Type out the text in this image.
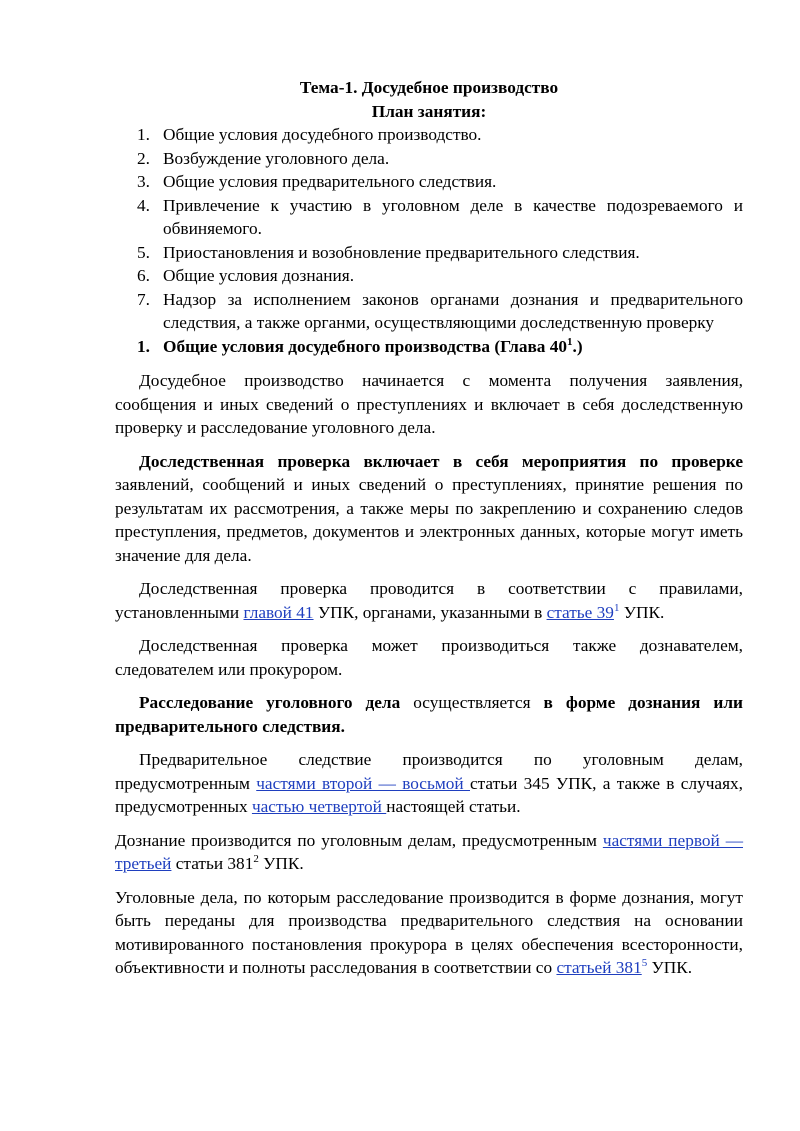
Тема-1. Досудебное производство

План занятия:

1. Общие условия досудебного производство.
2. Возбуждение уголовного дела.
3. Общие условия предварительного следствия.
4. Привлечение к участию в уголовном деле в качестве подозреваемого и обвиняемого.
5. Приостановления и возобновление предварительного следствия.
6. Общие условия дознания.
7. Надзор за исполнением законов органами дознания и предварительного следствия, а также органми, осуществляющими доследственную проверку

1. Общие условия досудебного производства (Глава $40^1$.)

Досудебное производство начинается с момента получения заявления, сообщения и иных сведений о преступлениях и включает в себя доследственную проверку и расследование уголовного дела.

Доследственная проверка включает в себя мероприятия по проверке заявлений, сообщений и иных сведений о преступлениях, принятие решения по результатам их рассмотрения, а также меры по закреплению и сохранению следов преступления, предметов, документов и электронных данных, которые могут иметь значение для дела.

Доследственная проверка проводится в соответствии с правилами, установленными главой 41 УПК, органами, указанными в статье $39^1$ УПК.

Доследственная проверка может производиться также дознавателем, следователем или прокурором.

Расследование уголовного дела осуществляется в форме дознания или предварительного следствия.

Предварительное следствие производится по уголовным делам, предусмотренным частями второй — восьмой статьи 345 УПК, а также в случаях, предусмотренных частью четвертой настоящей статьи.

Дознание производится по уголовным делам, предусмотренным частями первой — третьей статьи $381^2$ УПК.

Уголовные дела, по которым расследование производится в форме дознания, могут быть переданы для производства предварительного следствия на основании мотивированного постановления прокурора в целях обеспечения всесторонности, объективности и полноты расследования в соответствии со статьей $381^5$ УПК.
